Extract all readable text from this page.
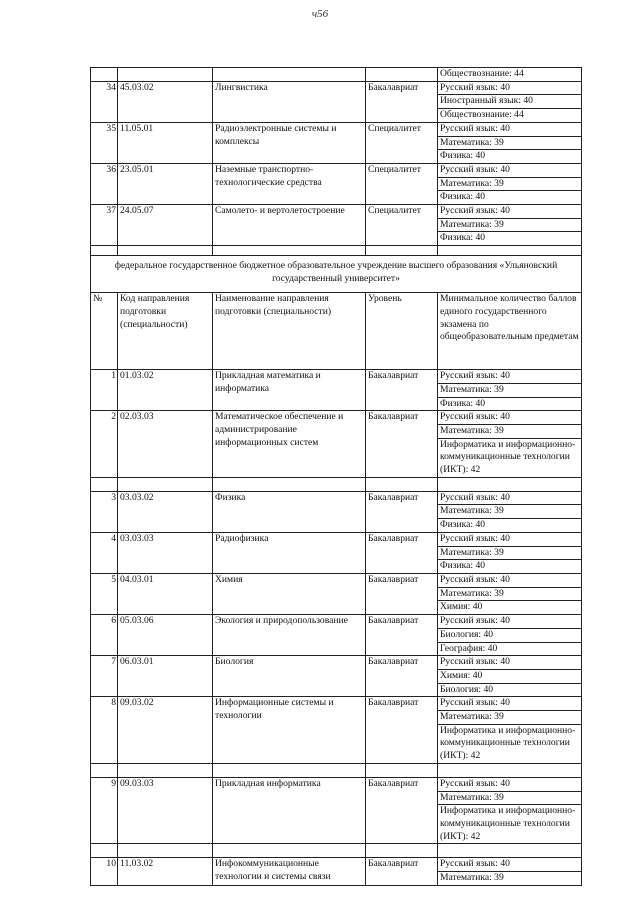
ч56
				Обществознание: 44
34	45.03.02	Лингвистика	Бакалавриат	Русский язык: 40
Иностранный язык: 40
Обществознание: 44

35	11.05.01	Радиоэлектронные системы и комплексы	Специалитет	Русский язык: 40
Математика: 39
Физика: 40

36	23.05.01	Наземные транспортно-технологические средства	Специалитет	Русский язык: 40
Математика: 39
Физика: 40

37	24.05.07	Самолето- и вертолетостроение	Специалитет	Русский язык: 40
Математика: 39
Физика: 40

федеральное государственное бюджетное образовательное учреждение высшего образования «Ульяновский государственный университет»				
№	Код направления подготовки (специальности)	Наименование направления подготовки (специальности)	Уровень	Минимальное количество баллов единого государственного экзамена по общеобразовательным предметам
1	01.03.02	Прикладная математика и информатика	Бакалавриат	Русский язык: 40
Математика: 39
Физика: 40

2	02.03.03	Математическое обеспечение и администрирование информационных систем	Бакалавриат	Русский язык: 40
Математика: 39
Информатика и информационно-коммуникационные технологии (ИКТ): 42

3	03.03.02	Физика	Бакалавриат	Русский язык: 40
Математика: 39
Физика: 40

4	03.03.03	Радиофизика	Бакалавриат	Русский язык: 40
Математика: 39
Физика: 40

5	04.03.01	Химия	Бакалавриат	Русский язык: 40
Математика: 39
Химия: 40

6	05.03.06	Экология и природопользование	Бакалавриат	Русский язык: 40
Биология: 40
География: 40

7	06.03.01	Биология	Бакалавриат	Русский язык: 40
Химия: 40
Биология: 40

8	09.03.02	Информационные системы и технологии	Бакалавриат	Русский язык: 40
Математика: 39
Информатика и информационно-коммуникационные технологии (ИКТ): 42

9	09.03.03	Прикладная информатика	Бакалавриат	Русский язык: 40
Математика: 39
Информатика и информационно-коммуникационные технологии (ИКТ): 42

10	11.03.02	Инфокоммуникационные технологии и системы связи	Бакалавриат	Русский язык: 40
Математика: 39
